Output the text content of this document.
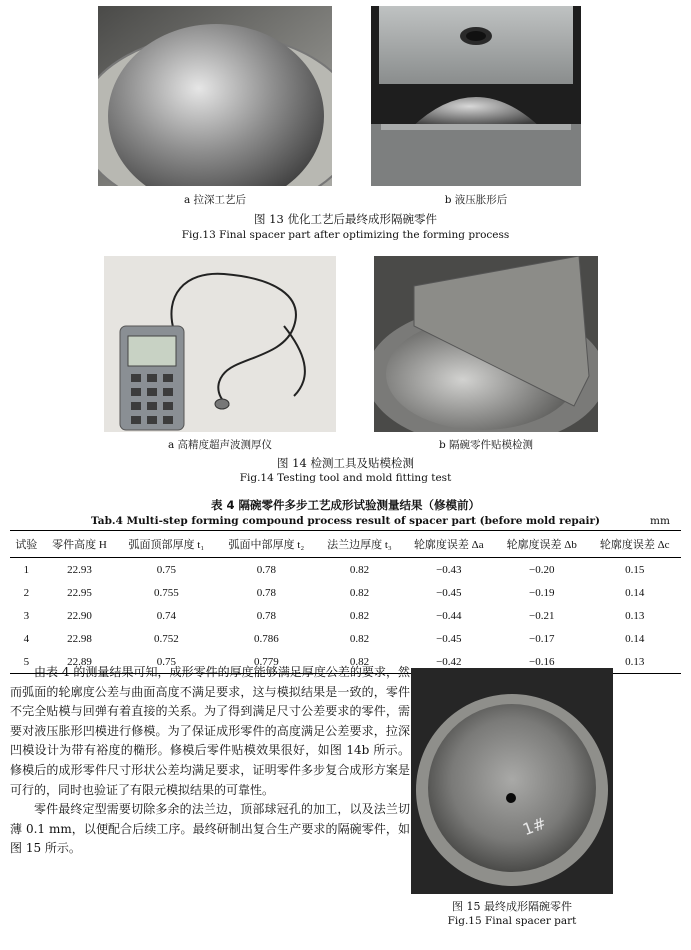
a 拉深工艺后	b 液压胀形后
图 13 优化工艺后最终成形隔碗零件
Fig.13 Final spacer part after optimizing the forming process
a 高精度超声波测厚仪	b 隔碗零件贴模检测
图 14 检测工具及贴模检测
Fig.14 Testing tool and mold fitting test
表 4 隔碗零件多步工艺成形试验测量结果（修模前）
Tab.4 Multi-step forming compound process result of spacer part (before mold repair)	mm
试验	零件高度 H	弧面顶部厚度 t₁	弧面中部厚度 t₂	法兰边厚度 t₃	轮廓度误差 Δa	轮廓度误差 Δb	轮廓度误差 Δc
1	22.93	0.75	0.78	0.82	−0.43	−0.20	0.15
2	22.95	0.755	0.78	0.82	−0.45	−0.19	0.14
3	22.90	0.74	0.78	0.82	−0.44	−0.21	0.13
4	22.98	0.752	0.786	0.82	−0.45	−0.17	0.14
5	22.89	0.75	0.779	0.82	−0.42	−0.16	0.13

由表 4 的测量结果可知，成形零件的厚度能够满足厚度公差的要求，然而弧面的轮廓度公差与曲面高度不满足要求，这与模拟结果是一致的，零件不完全贴模与回弹有着直接的关系。为了得到满足尺寸公差要求的零件，需要对液压胀形凹模进行修模。为了保证成形零件的高度满足公差要求，拉深凹模设计为带有裕度的椭形。修模后零件贴模效果很好，如图 14b 所示。修模后的成形零件尺寸形状公差均满足要求，证明零件多步复合成形方案是可行的，同时也验证了有限元模拟结果的可靠性。

零件最终定型需要切除多余的法兰边，顶部球冠孔的加工，以及法兰切薄 0.1 mm，以便配合后续工序。最终研制出复合生产要求的隔碗零件，如图 15 所示。

1#
图 15 最终成形隔碗零件
Fig.15 Final spacer part
